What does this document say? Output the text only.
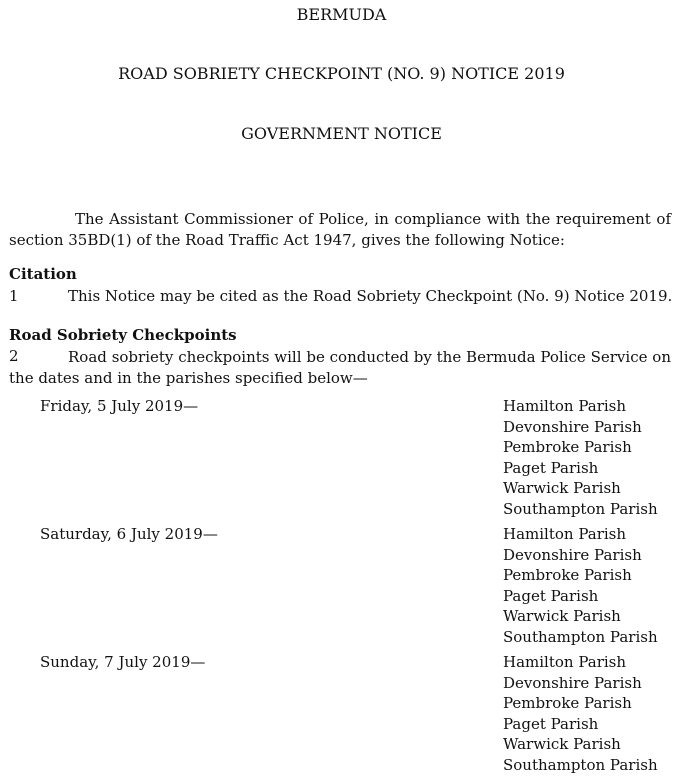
BERMUDA
ROAD SOBRIETY CHECKPOINT (NO. 9) NOTICE 2019
GOVERNMENT NOTICE
The Assistant Commissioner of Police, in compliance with the requirement of section 35BD(1) of the Road Traffic Act 1947, gives the following Notice:
Citation
1	This Notice may be cited as the Road Sobriety Checkpoint (No. 9) Notice 2019.
Road Sobriety Checkpoints
2	Road sobriety checkpoints will be conducted by the Bermuda Police Service on the dates and in the parishes specified below—
Friday, 5 July 2019—	Hamilton Parish
Devonshire Parish
Pembroke Parish
Paget Parish
Warwick Parish
Southampton Parish
Saturday, 6 July 2019—	Hamilton Parish
Devonshire Parish
Pembroke Parish
Paget Parish
Warwick Parish
Southampton Parish
Sunday, 7 July 2019—	Hamilton Parish
Devonshire Parish
Pembroke Parish
Paget Parish
Warwick Parish
Southampton Parish
